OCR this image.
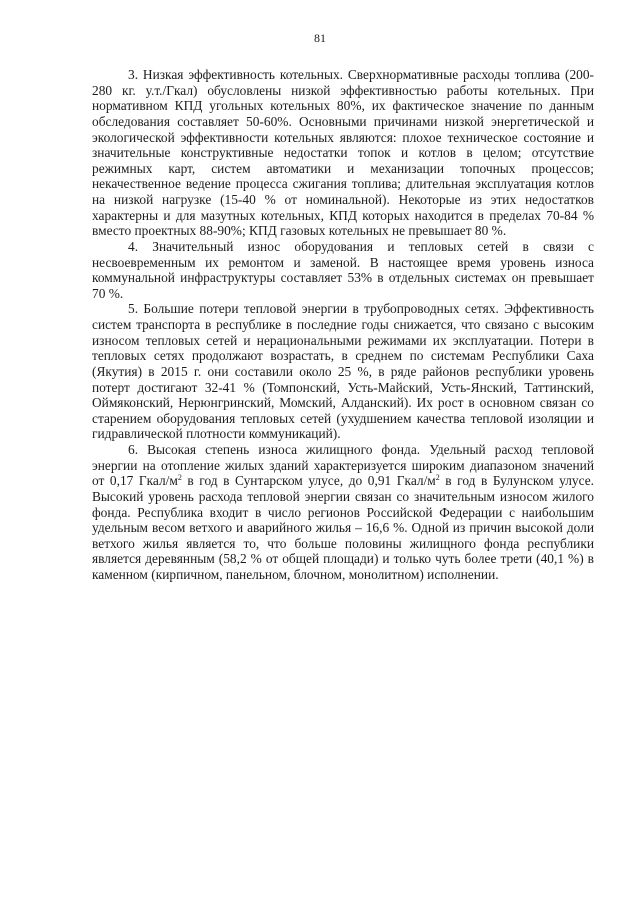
81

3. Низкая эффективность котельных. Сверхнормативные расходы топлива (200-280 кг. у.т./Гкал) обусловлены низкой эффективностью работы котельных. При нормативном КПД угольных котельных 80%, их фактическое значение по данным обследования составляет 50-60%. Основными причинами низкой энергетической и экологической эффективности котельных являются: плохое техническое состояние и значительные конструктивные недостатки топок и котлов в целом; отсутствие режимных карт, систем автоматики и механизации топочных процессов; некачественное ведение процесса сжигания топлива; длительная эксплуатация котлов на низкой нагрузке (15-40 % от номинальной). Некоторые из этих недостатков характерны и для мазутных котельных, КПД которых находится в пределах 70-84 % вместо проектных 88-90%; КПД газовых котельных не превышает 80 %.

4. Значительный износ оборудования и тепловых сетей в связи с несвоевременным их ремонтом и заменой. В настоящее время уровень износа коммунальной инфраструктуры составляет 53% в отдельных системах он превышает 70 %.

5. Большие потери тепловой энергии в трубопроводных сетях. Эффективность систем транспорта в республике в последние годы снижается, что связано с высоким износом тепловых сетей и нерациональными режимами их эксплуатации. Потери в тепловых сетях продолжают возрастать, в среднем по системам Республики Саха (Якутия) в 2015 г. они составили около 25 %, в ряде районов республики уровень потерт достигают 32-41 % (Томпонский, Усть-Майский, Усть-Янский, Таттинский, Оймяконский, Нерюнгринский, Момский, Алданский). Их рост в основном связан со старением оборудования тепловых сетей (ухудшением качества тепловой изоляции и гидравлической плотности коммуникаций).

6. Высокая степень износа жилищного фонда. Удельный расход тепловой энергии на отопление жилых зданий характеризуется широким диапазоном значений от 0,17 Гкал/$м^2$ в год в Сунтарском улусе, до 0,91 Гкал/$м^2$ в год в Булунском улусе. Высокий уровень расхода тепловой энергии связан со значительным износом жилого фонда. Республика входит в число регионов Российской Федерации с наибольшим удельным весом ветхого и аварийного жилья – 16,6 %. Одной из причин высокой доли ветхого жилья является то, что больше половины жилищного фонда республики является деревянным (58,2 % от общей площади) и только чуть более трети (40,1 %) в каменном (кирпичном, панельном, блочном, монолитном) исполнении.
